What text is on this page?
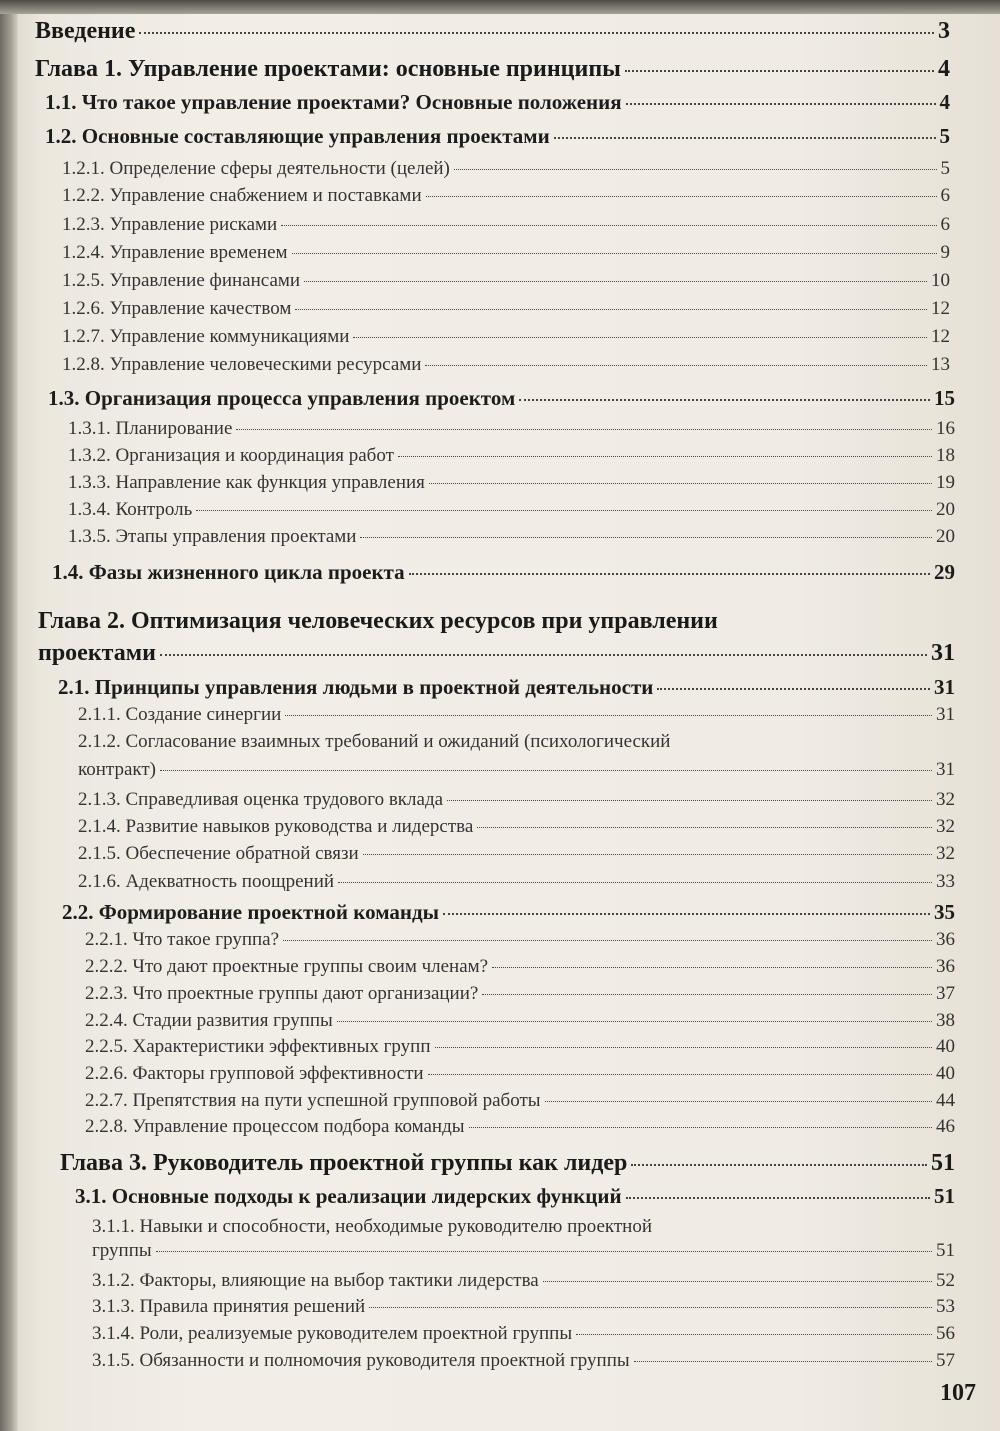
Введение	3
Глава 1. Управление проектами: основные принципы	4
1.1. Что такое управление проектами? Основные положения	4
1.2. Основные составляющие управления проектами	5
1.2.1. Определение сферы деятельности (целей)	5
1.2.2. Управление снабжением и поставками	6
1.2.3. Управление рисками	6
1.2.4. Управление временем	9
1.2.5. Управление финансами	10
1.2.6. Управление качеством	12
1.2.7. Управление коммуникациями	12
1.2.8. Управление человеческими ресурсами	13
1.3. Организация процесса управления проектом	15
1.3.1. Планирование	16
1.3.2. Организация и координация работ	18
1.3.3. Направление как функция управления	19
1.3.4. Контроль	20
1.3.5. Этапы управления проектами	20
1.4. Фазы жизненного цикла проекта	29
Глава 2. Оптимизация человеческих ресурсов при управлении
проектами	31
2.1. Принципы управления людьми в проектной деятельности	31
2.1.1. Создание синергии	31
2.1.2. Согласование взаимных требований и ожиданий (психологический
контракт)	31
2.1.3. Справедливая оценка трудового вклада	32
2.1.4. Развитие навыков руководства и лидерства	32
2.1.5. Обеспечение обратной связи	32
2.1.6. Адекватность поощрений	33
2.2. Формирование проектной команды	35
2.2.1. Что такое группа?	36
2.2.2. Что дают проектные группы своим членам?	36
2.2.3. Что проектные группы дают организации?	37
2.2.4. Стадии развития группы	38
2.2.5. Характеристики эффективных групп	40
2.2.6. Факторы групповой эффективности	40
2.2.7. Препятствия на пути успешной групповой работы	44
2.2.8. Управление процессом подбора команды	46
Глава 3. Руководитель проектной группы как лидер	51
3.1. Основные подходы к реализации лидерских функций	51
3.1.1. Навыки и способности, необходимые руководителю проектной
группы	51
3.1.2. Факторы, влияющие на выбор тактики лидерства	52
3.1.3. Правила принятия решений	53
3.1.4. Роли, реализуемые руководителем проектной группы	56
3.1.5. Обязанности и полномочия руководителя проектной группы	57
107
